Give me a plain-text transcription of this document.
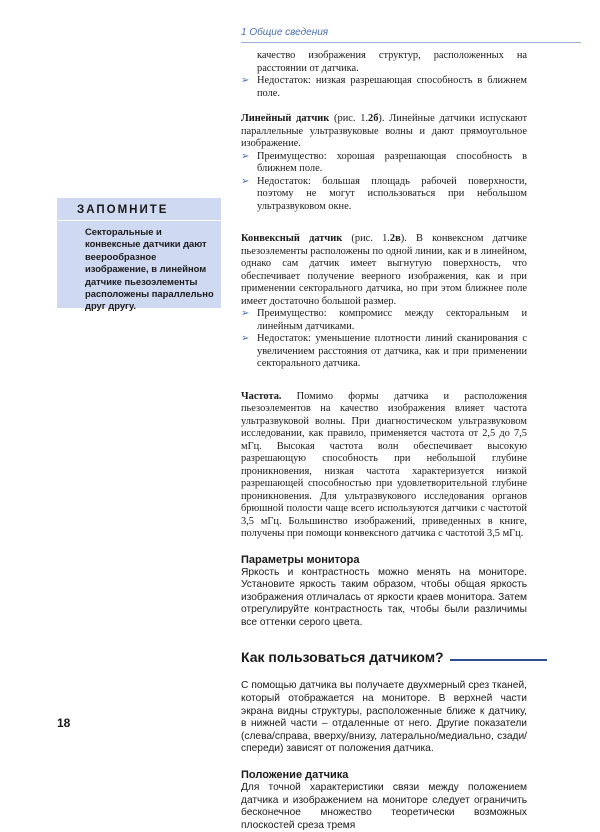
1 Общие сведения
ЗАПОМНИТЕ
Секторальные и конвексные датчики дают веерообразное изображение, в линейном датчике пьезоэлементы расположены параллельно друг другу.

качество изображения структур, расположенных на расстоянии от датчика.

➢ Недостаток: низкая разрешающая способность в ближнем поле.

Линейный датчик (рис. 1.2б). Линейные датчики испускают параллельные ультразвуковые волны и дают прямоугольное изображение.

➢ Преимущество: хорошая разрешающая способность в ближнем поле.

➢ Недостаток: большая площадь рабочей поверхности, поэтому не могут использоваться при небольшом ультразвуковом окне.

Конвексный датчик (рис. 1.2в). В конвексном датчике пьезоэлементы расположены по одной линии, как и в линейном, однако сам датчик имеет выгнутую поверхность, что обеспечивает получение веерного изображения, как и при применении секторального датчика, но при этом ближнее поле имеет достаточно большой размер.

➢ Преимущество: компромисс между секторальным и линейным датчиками.

➢ Недостаток: уменьшение плотности линий сканирования с увеличением расстояния от датчика, как и при применении секторального датчика.

Частота. Помимо формы датчика и расположения пьезоэлементов на качество изображения влияет частота ультразвуковой волны. При диагностическом ультразвуковом исследовании, как правило, применяется частота от 2,5 до 7,5 мГц. Высокая частота волн обеспечивает высокую разрешающую способность при небольшой глубине проникновения, низкая частота характеризуется низкой разрешающей способностью при удовлетворительной глубине проникновения. Для ультразвукового исследования органов брюшной полости чаще всего используются датчики с частотой 3,5 мГц. Большинство изображений, приведенных в книге, получены при помощи конвексного датчика с частотой 3,5 мГц.

Параметры монитора

Яркость и контрастность можно менять на мониторе. Установите яркость таким образом, чтобы общая яркость изображения отличалась от яркости краев монитора. Затем отрегулируйте контрастность так, чтобы были различимы все оттенки серого цвета.

Как пользоваться датчиком?

С помощью датчика вы получаете двухмерный срез тканей, который отображается на мониторе. В верхней части экрана видны структуры, расположенные ближе к датчику, в нижней части – отдаленные от него. Другие показатели (слева/справа, вверху/внизу, латерально/медиально, сзади/спереди) зависят от положения датчика.

Положение датчика

Для точной характеристики связи между положением датчика и изображением на мониторе следует ограничить бесконечное множество теоретически возможных плоскостей среза тремя

18
